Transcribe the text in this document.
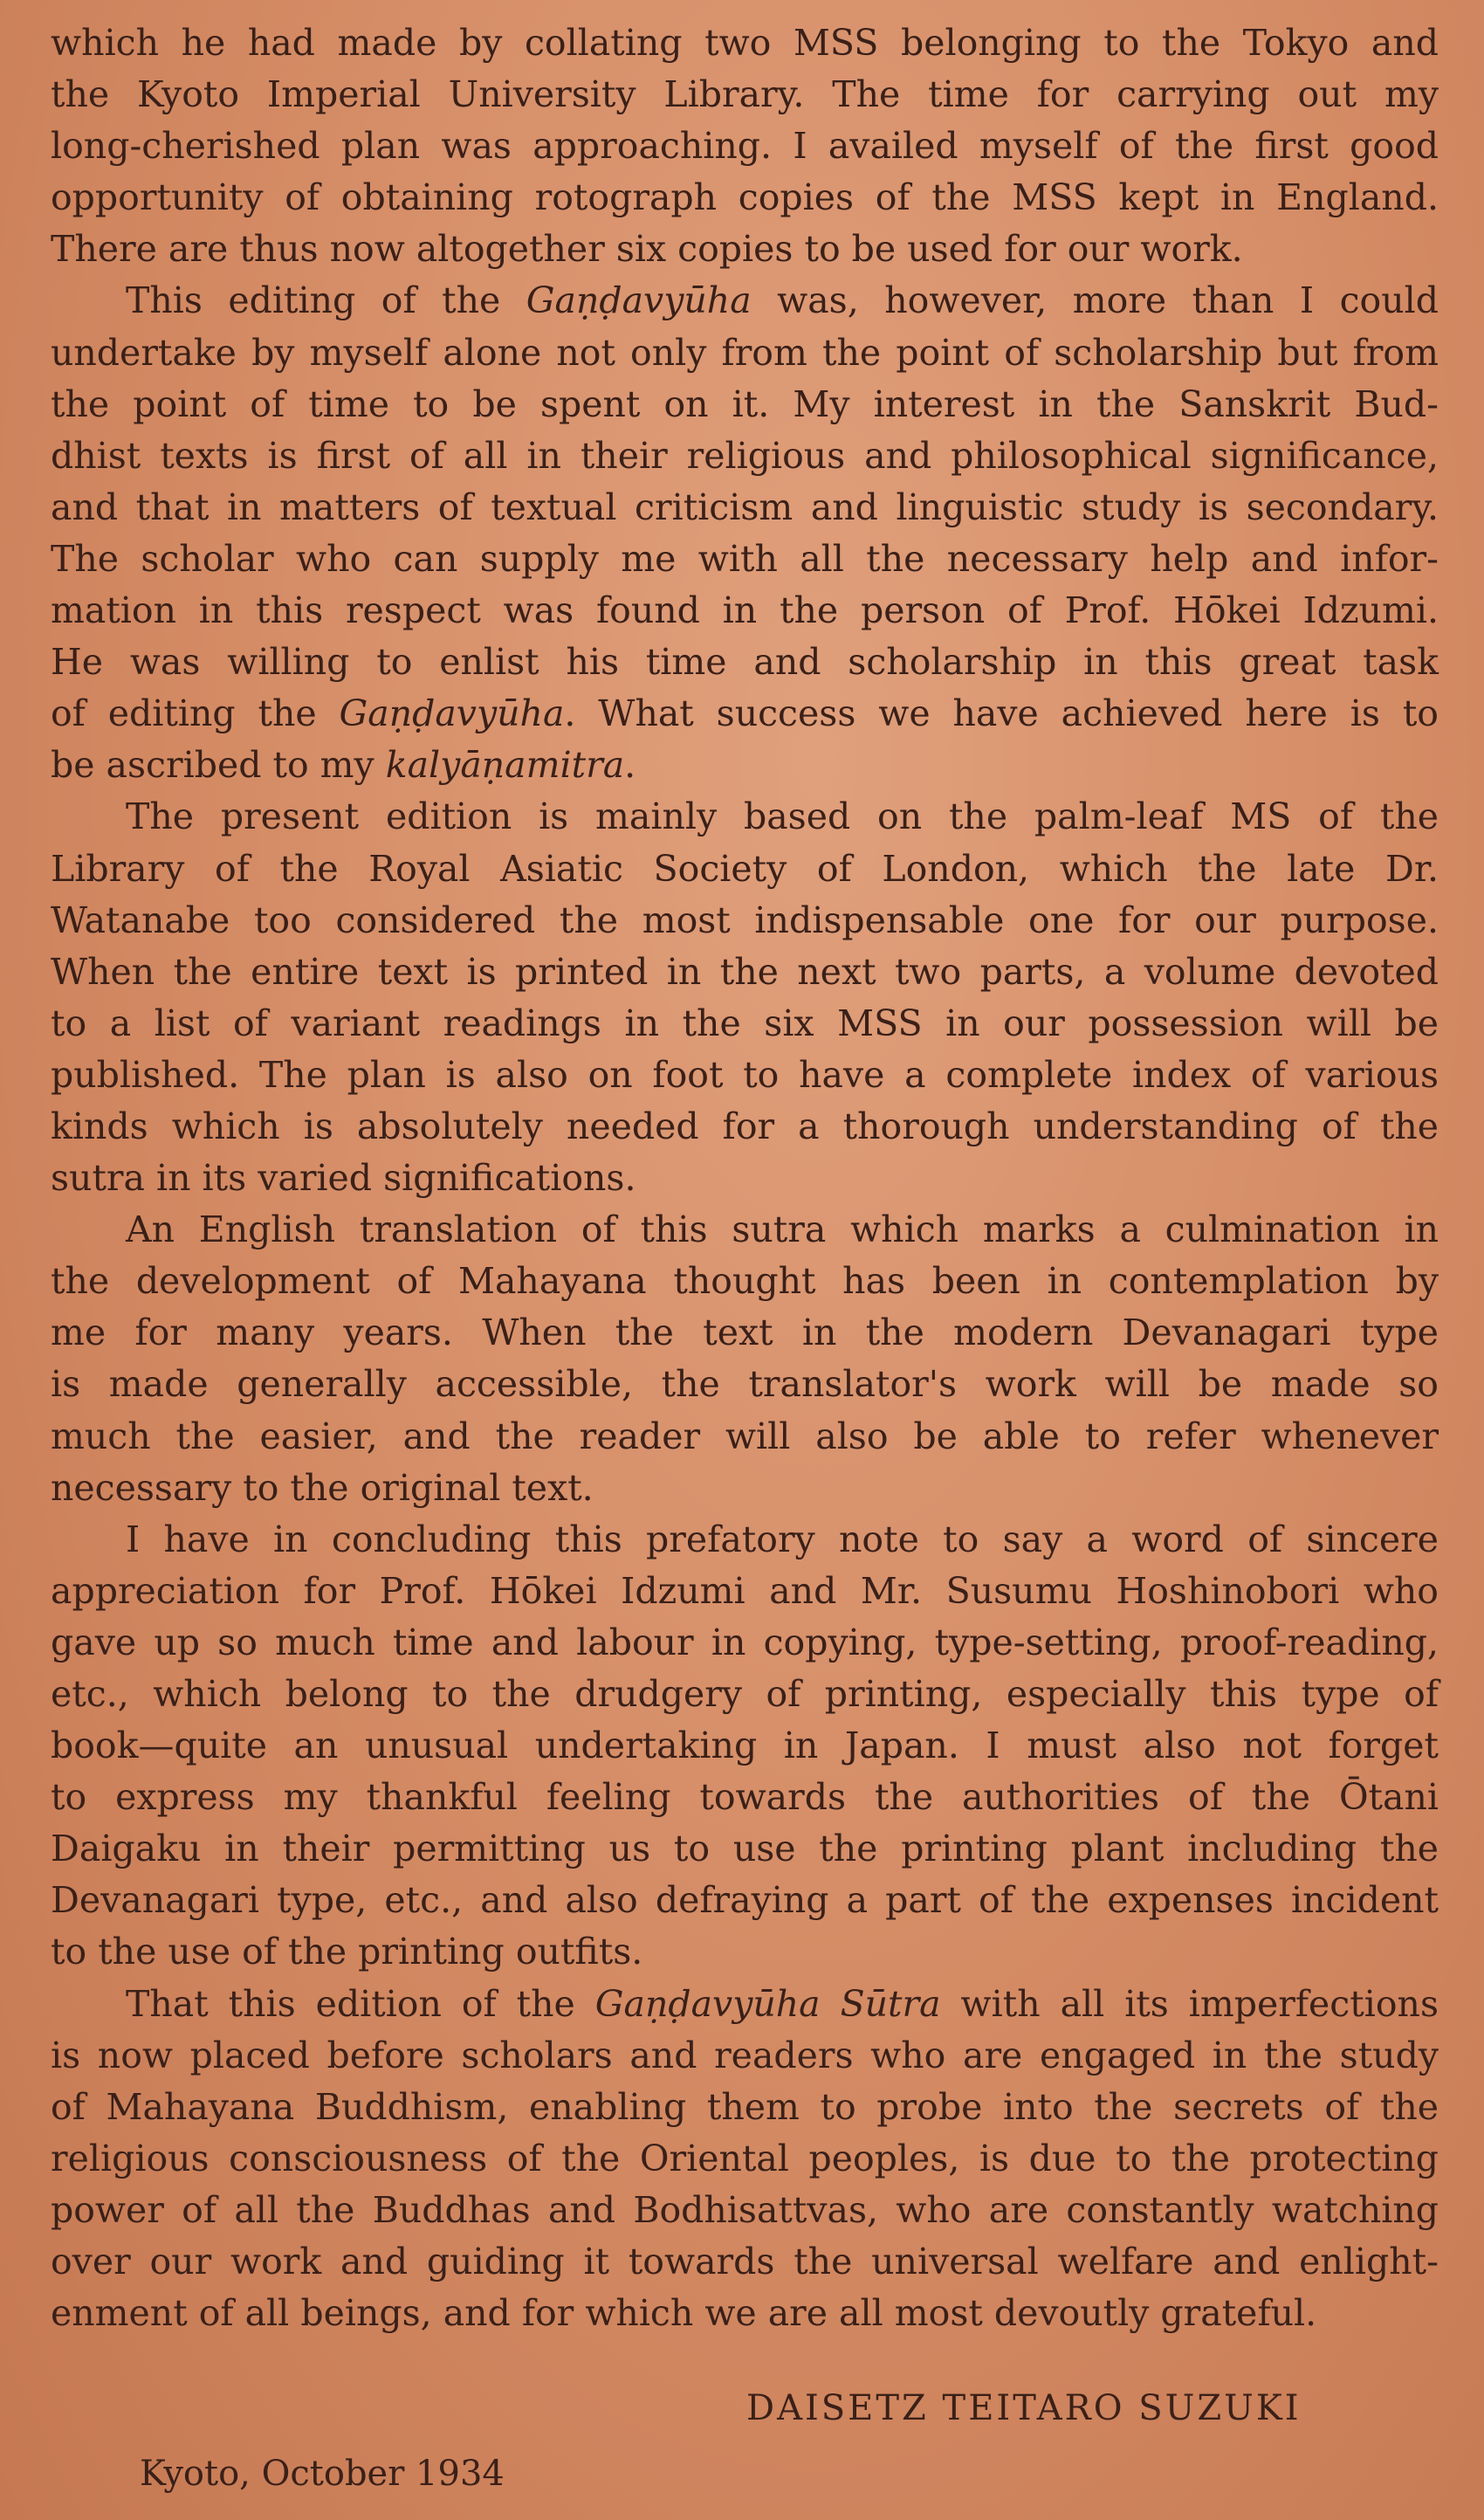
which he had made by collating two MSS belonging to the Tokyo and
the Kyoto Imperial University Library. The time for carrying out my
long-cherished plan was approaching. I availed myself of the first good
opportunity of obtaining rotograph copies of the MSS kept in England.
There are thus now altogether six copies to be used for our work.

This editing of the Gaṇḍavyūha was, however, more than I could
undertake by myself alone not only from the point of scholarship but from
the point of time to be spent on it. My interest in the Sanskrit Bud-
dhist texts is first of all in their religious and philosophical significance,
and that in matters of textual criticism and linguistic study is secondary.
The scholar who can supply me with all the necessary help and infor-
mation in this respect was found in the person of Prof. Hōkei Idzumi.
He was willing to enlist his time and scholarship in this great task
of editing the Gaṇḍavyūha. What success we have achieved here is to
be ascribed to my kalyāṇamitra.

The present edition is mainly based on the palm-leaf MS of the
Library of the Royal Asiatic Society of London, which the late Dr.
Watanabe too considered the most indispensable one for our purpose.
When the entire text is printed in the next two parts, a volume devoted
to a list of variant readings in the six MSS in our possession will be
published. The plan is also on foot to have a complete index of various
kinds which is absolutely needed for a thorough understanding of the
sutra in its varied significations.

An English translation of this sutra which marks a culmination in
the development of Mahayana thought has been in contemplation by
me for many years. When the text in the modern Devanagari type
is made generally accessible, the translator's work will be made so
much the easier, and the reader will also be able to refer whenever
necessary to the original text.

I have in concluding this prefatory note to say a word of sincere
appreciation for Prof. Hōkei Idzumi and Mr. Susumu Hoshinobori who
gave up so much time and labour in copying, type-setting, proof-reading,
etc., which belong to the drudgery of printing, especially this type of
book—quite an unusual undertaking in Japan. I must also not forget
to express my thankful feeling towards the authorities of the Ōtani
Daigaku in their permitting us to use the printing plant including the
Devanagari type, etc., and also defraying a part of the expenses incident
to the use of the printing outfits.

That this edition of the Gaṇḍavyūha Sūtra with all its imperfections
is now placed before scholars and readers who are engaged in the study
of Mahayana Buddhism, enabling them to probe into the secrets of the
religious consciousness of the Oriental peoples, is due to the protecting
power of all the Buddhas and Bodhisattvas, who are constantly watching
over our work and guiding it towards the universal welfare and enlight-
enment of all beings, and for which we are all most devoutly grateful.

DAISETZ TEITARO SUZUKI
Kyoto, October 1934
